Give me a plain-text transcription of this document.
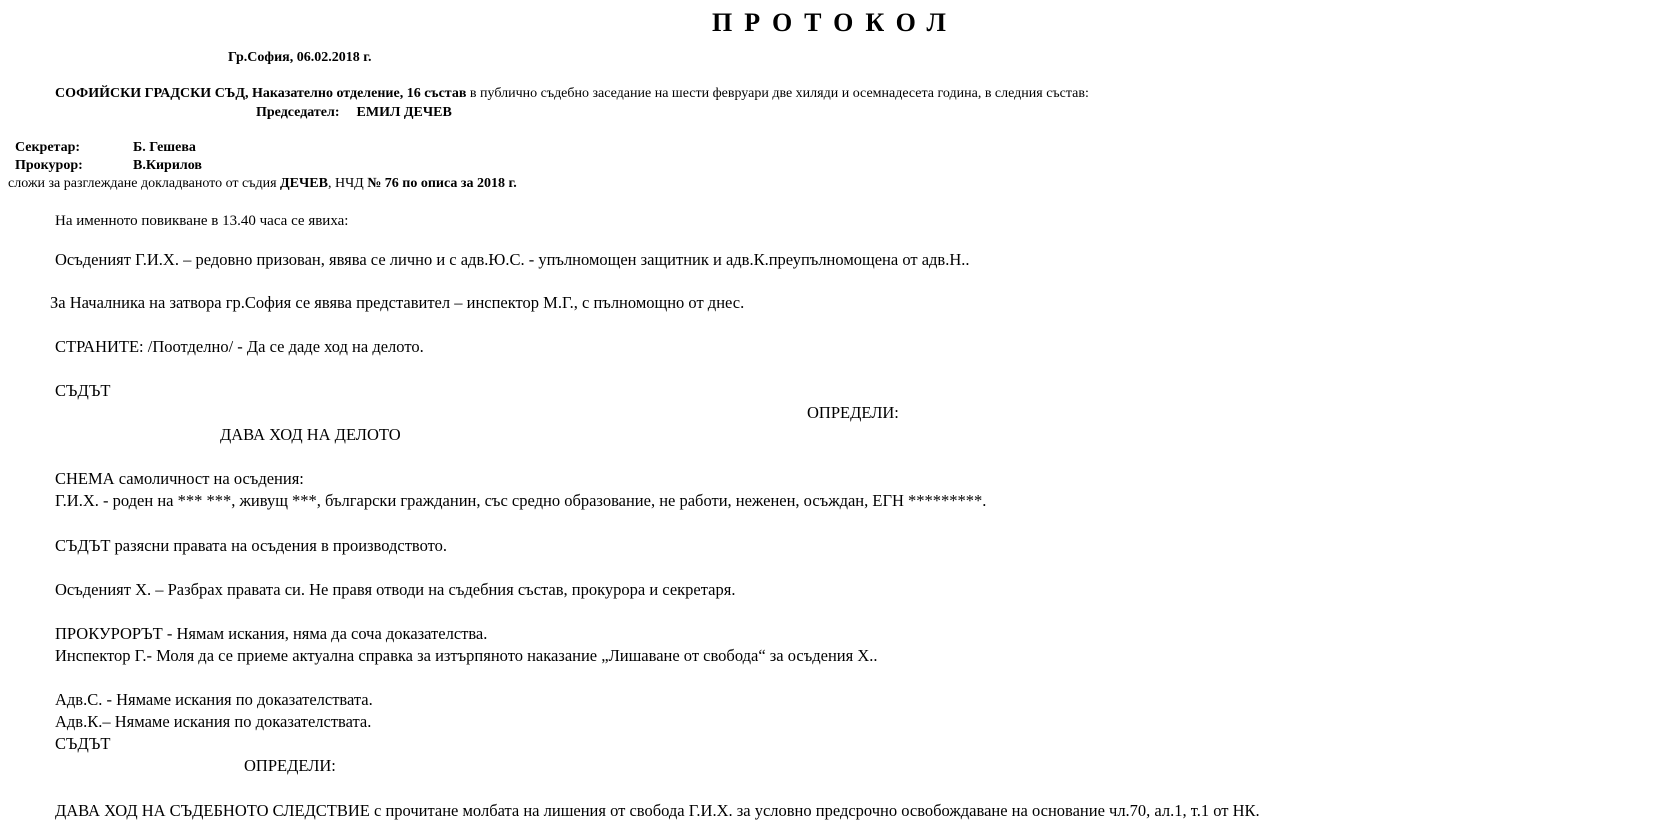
ПРОТОКОЛ
Гр.София, 06.02.2018 г.
СОФИЙСКИ ГРАДСКИ СЪД, Наказателно отделение, 16 състав в публично съдебно заседание на шести февруари две хиляди и осемнадесета година, в следния състав:
Председател: ЕМИЛ ДЕЧЕВ
Секретар:	Б. Гешева
Прокурор:	В.Кирилов
сложи за разглеждане докладваното от съдия ДЕЧЕВ, НЧД № 76 по описа за 2018 г.
На именното повикване в 13.40 часа се явиха:
Осъденият Г.И.Х. – редовно призован, явява се лично и с адв.Ю.С. - упълномощен защитник и адв.К.преупълномощена от адв.Н..
За Началника на затвора гр.София се явява представител – инспектор М.Г., с пълномощно от днес.
СТРАНИТЕ: /Поотделно/ - Да се даде ход на делото.
СЪДЪТ
ОПРЕДЕЛИ:
ДАВА ХОД НА ДЕЛОТО
СНЕМА самоличност на осъдения:
Г.И.Х. - роден на *** ***, живущ ***, български гражданин, със средно образование, не работи, неженен, осъждан, ЕГН *********.
СЪДЪТ разясни правата на осъдения в производството.
Осъденият Х. – Разбрах правата си. Не правя отводи на съдебния състав, прокурора и секретаря.
ПРОКУРОРЪТ - Нямам искания, няма да соча доказателства.
Инспектор Г.- Моля да се приеме актуална справка за изтърпяното наказание „Лишаване от свобода“ за осъдения Х..
Адв.С. - Нямаме искания по доказателствата.
Адв.К.– Нямаме искания по доказателствата.
СЪДЪТ
ОПРЕДЕЛИ:
ДАВА ХОД НА СЪДЕБНОТО СЛЕДСТВИЕ с прочитане молбата на лишения от свобода Г.И.Х. за условно предсрочно освобождаване на основание чл.70, ал.1, т.1 от НК.
